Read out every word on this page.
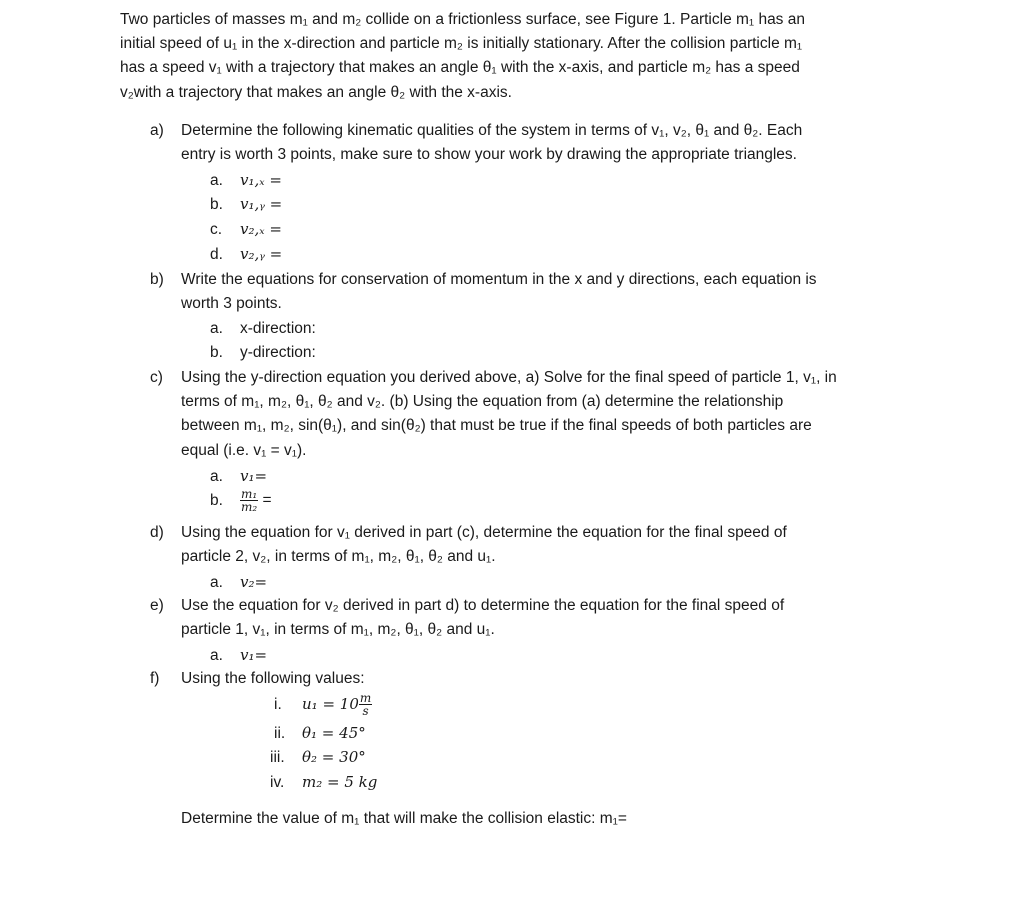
Two particles of masses m₁ and m₂ collide on a frictionless surface, see Figure 1. Particle m₁ has an
initial speed of u₁ in the x-direction and particle m₂ is initially stationary. After the collision particle m₁
has a speed v₁ with a trajectory that makes an angle θ₁ with the x-axis, and particle m₂ has a speed
v₂with a trajectory that makes an angle θ₂ with the x-axis.
a) Determine the following kinematic qualities of the system in terms of v₁, v₂, θ₁ and θ₂. Each
entry is worth 3 points, make sure to show your work by drawing the appropriate triangles.
a. v₁,ₓ =
b. v₁,ᵧ =
c. v₂,ₓ =
d. v₂,ᵧ =
b) Write the equations for conservation of momentum in the x and y directions, each equation is
worth 3 points.
a. x-direction:
b. y-direction:
c) Using the y-direction equation you derived above, a) Solve for the final speed of particle 1, v₁, in
terms of m₁, m₂, θ₁, θ₂ and v₂. (b) Using the equation from (a) determine the relationship
between m₁, m₂, sin(θ₁), and sin(θ₂) that must be true if the final speeds of both particles are
equal (i.e. v₁ = v₁).
a. v₁=
b. $\frac{\text{m₁}}{\text{m₂}}$ =
d) Using the equation for v₁ derived in part (c), determine the equation for the final speed of
particle 2, v₂, in terms of m₁, m₂, θ₁, θ₂ and u₁.
a. v₂=
e) Use the equation for v₂ derived in part d) to determine the equation for the final speed of
particle 1, v₁, in terms of m₁, m₂, θ₁, θ₂ and u₁.
a. v₁=
f) Using the following values:
i. $u_1 = 10 \frac{m}{s}$
ii. θ₁ = 45°
iii. θ₂ = 30°
iv. m₂ = 5 kg
Determine the value of m₁ that will make the collision elastic: m₁=
